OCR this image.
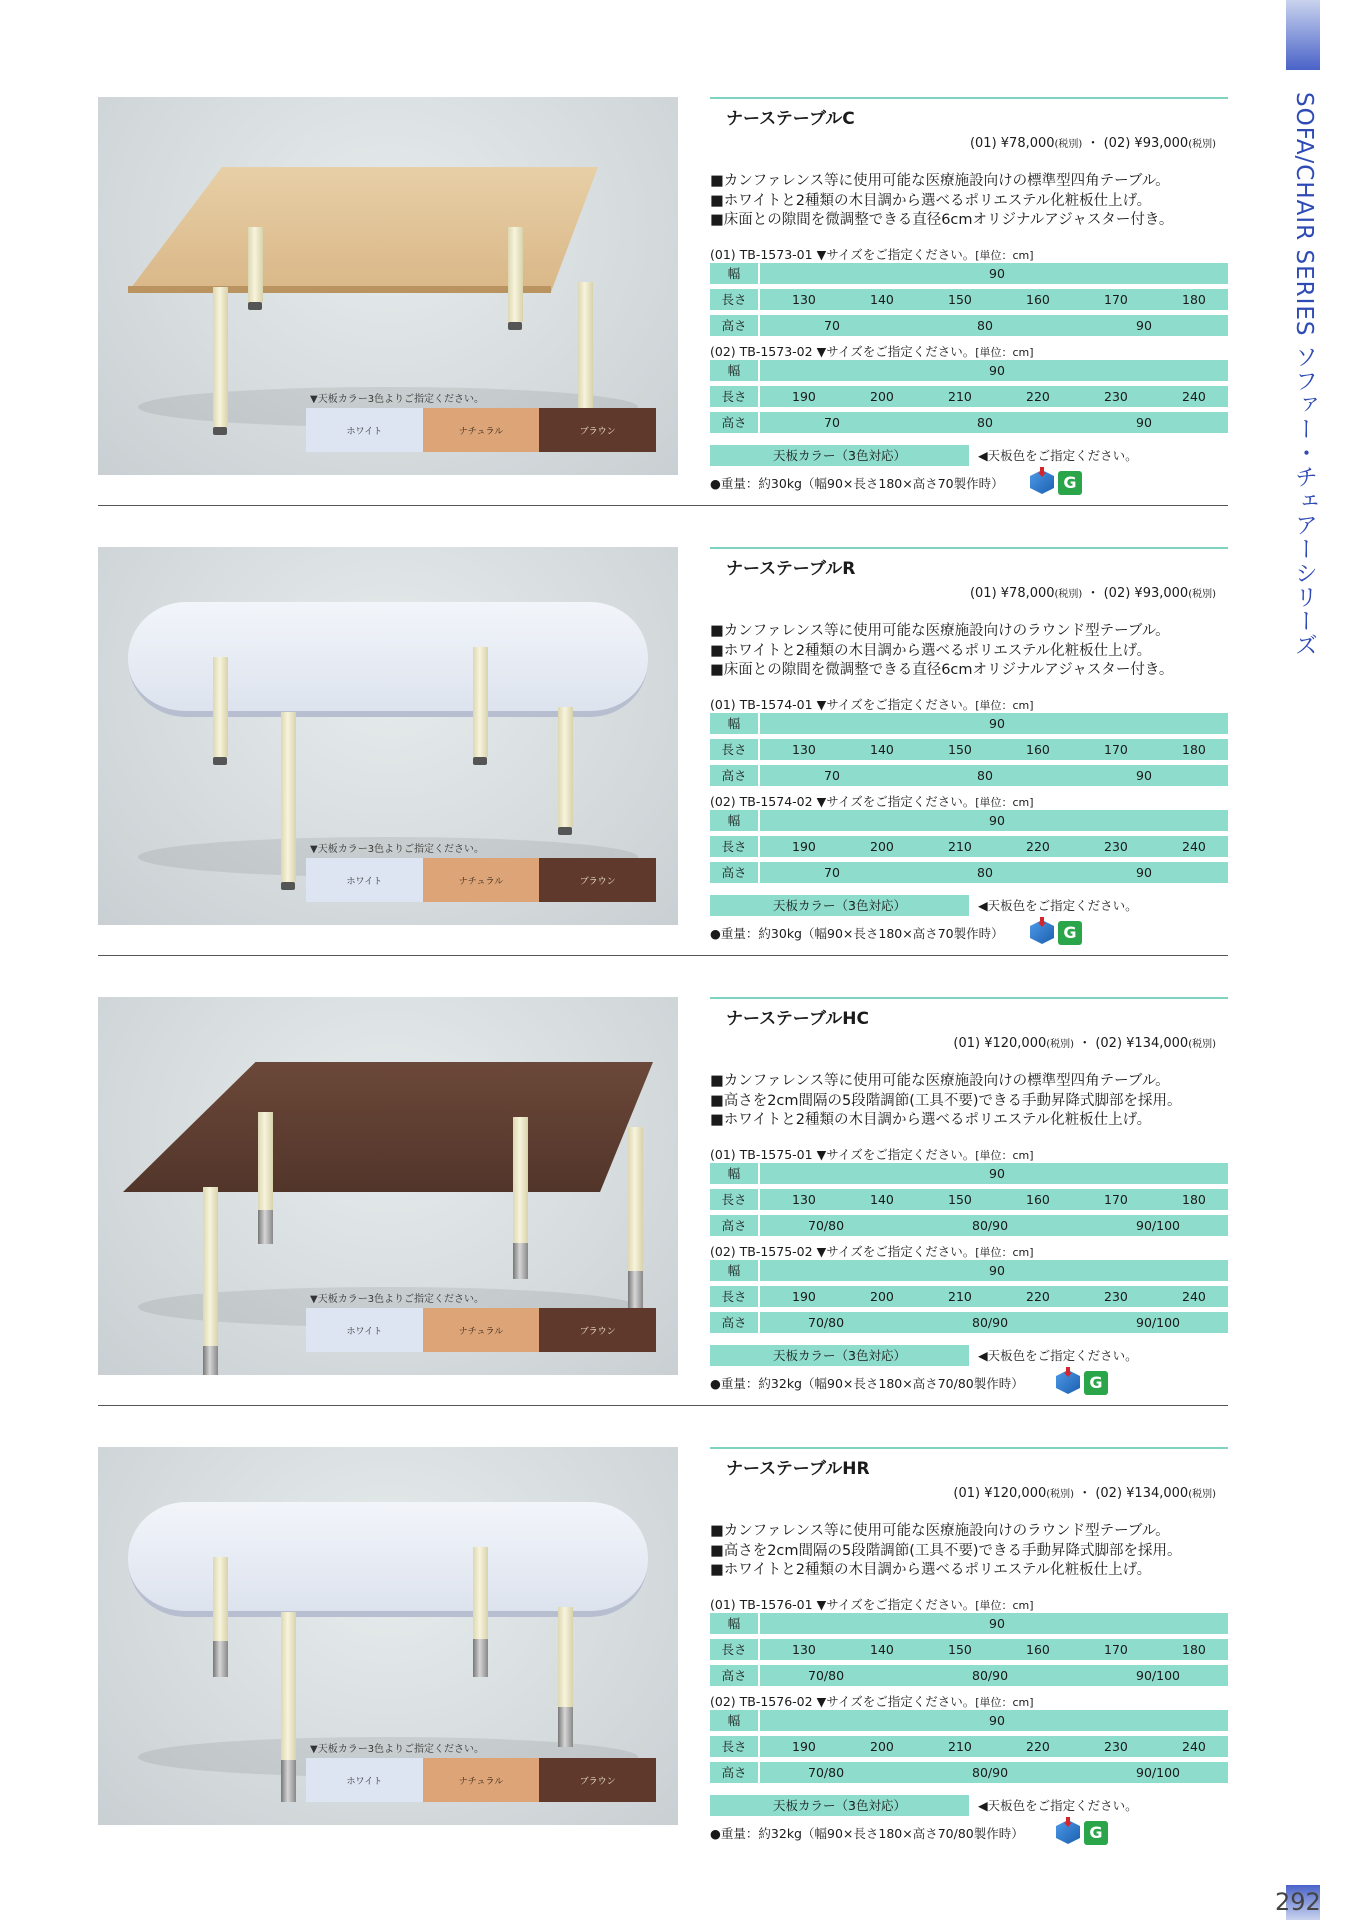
SOFA/CHAIR SERIES ソファー・チェアーシリーズ
292
▼天板カラー3色よりご指定ください。
ホワイト	ナチュラル	ブラウン
ナーステーブルC
(01) ¥78,000(税別) ・ (02) ¥93,000(税別)
■カンファレンス等に使用可能な医療施設向けの標準型四角テーブル。
■ホワイトと2種類の木目調から選べるポリエステル化粧板仕上げ。
■床面との隙間を微調整できる直径6cmオリジナルアジャスター付き。
(01) TB-1573-01 ▼サイズをご指定ください。[単位：cm]
幅	90
長さ	130	140	150	160	170	180
高さ	70	80	90
(02) TB-1573-02 ▼サイズをご指定ください。[単位：cm]
幅	90
長さ	190	200	210	220	230	240
高さ	70	80	90
天板カラー（3色対応）	◀天板色をご指定ください。
●重量：約30kg（幅90×長さ180×高さ70製作時）	G
▼天板カラー3色よりご指定ください。
ホワイト	ナチュラル	ブラウン
ナーステーブルR
(01) ¥78,000(税別) ・ (02) ¥93,000(税別)
■カンファレンス等に使用可能な医療施設向けのラウンド型テーブル。
■ホワイトと2種類の木目調から選べるポリエステル化粧板仕上げ。
■床面との隙間を微調整できる直径6cmオリジナルアジャスター付き。
(01) TB-1574-01 ▼サイズをご指定ください。[単位：cm]
幅	90
長さ	130	140	150	160	170	180
高さ	70	80	90
(02) TB-1574-02 ▼サイズをご指定ください。[単位：cm]
幅	90
長さ	190	200	210	220	230	240
高さ	70	80	90
天板カラー（3色対応）	◀天板色をご指定ください。
●重量：約30kg（幅90×長さ180×高さ70製作時）	G
▼天板カラー3色よりご指定ください。
ホワイト	ナチュラル	ブラウン
ナーステーブルHC
(01) ¥120,000(税別) ・ (02) ¥134,000(税別)
■カンファレンス等に使用可能な医療施設向けの標準型四角テーブル。
■高さを2cm間隔の5段階調節(工具不要)できる手動昇降式脚部を採用。
■ホワイトと2種類の木目調から選べるポリエステル化粧板仕上げ。
(01) TB-1575-01 ▼サイズをご指定ください。[単位：cm]
幅	90
長さ	130	140	150	160	170	180
高さ	70/80	80/90	90/100
(02) TB-1575-02 ▼サイズをご指定ください。[単位：cm]
幅	90
長さ	190	200	210	220	230	240
高さ	70/80	80/90	90/100
天板カラー（3色対応）	◀天板色をご指定ください。
●重量：約32kg（幅90×長さ180×高さ70/80製作時）	G
▼天板カラー3色よりご指定ください。
ホワイト	ナチュラル	ブラウン
ナーステーブルHR
(01) ¥120,000(税別) ・ (02) ¥134,000(税別)
■カンファレンス等に使用可能な医療施設向けのラウンド型テーブル。
■高さを2cm間隔の5段階調節(工具不要)できる手動昇降式脚部を採用。
■ホワイトと2種類の木目調から選べるポリエステル化粧板仕上げ。
(01) TB-1576-01 ▼サイズをご指定ください。[単位：cm]
幅	90
長さ	130	140	150	160	170	180
高さ	70/80	80/90	90/100
(02) TB-1576-02 ▼サイズをご指定ください。[単位：cm]
幅	90
長さ	190	200	210	220	230	240
高さ	70/80	80/90	90/100
天板カラー（3色対応）	◀天板色をご指定ください。
●重量：約32kg（幅90×長さ180×高さ70/80製作時）	G
